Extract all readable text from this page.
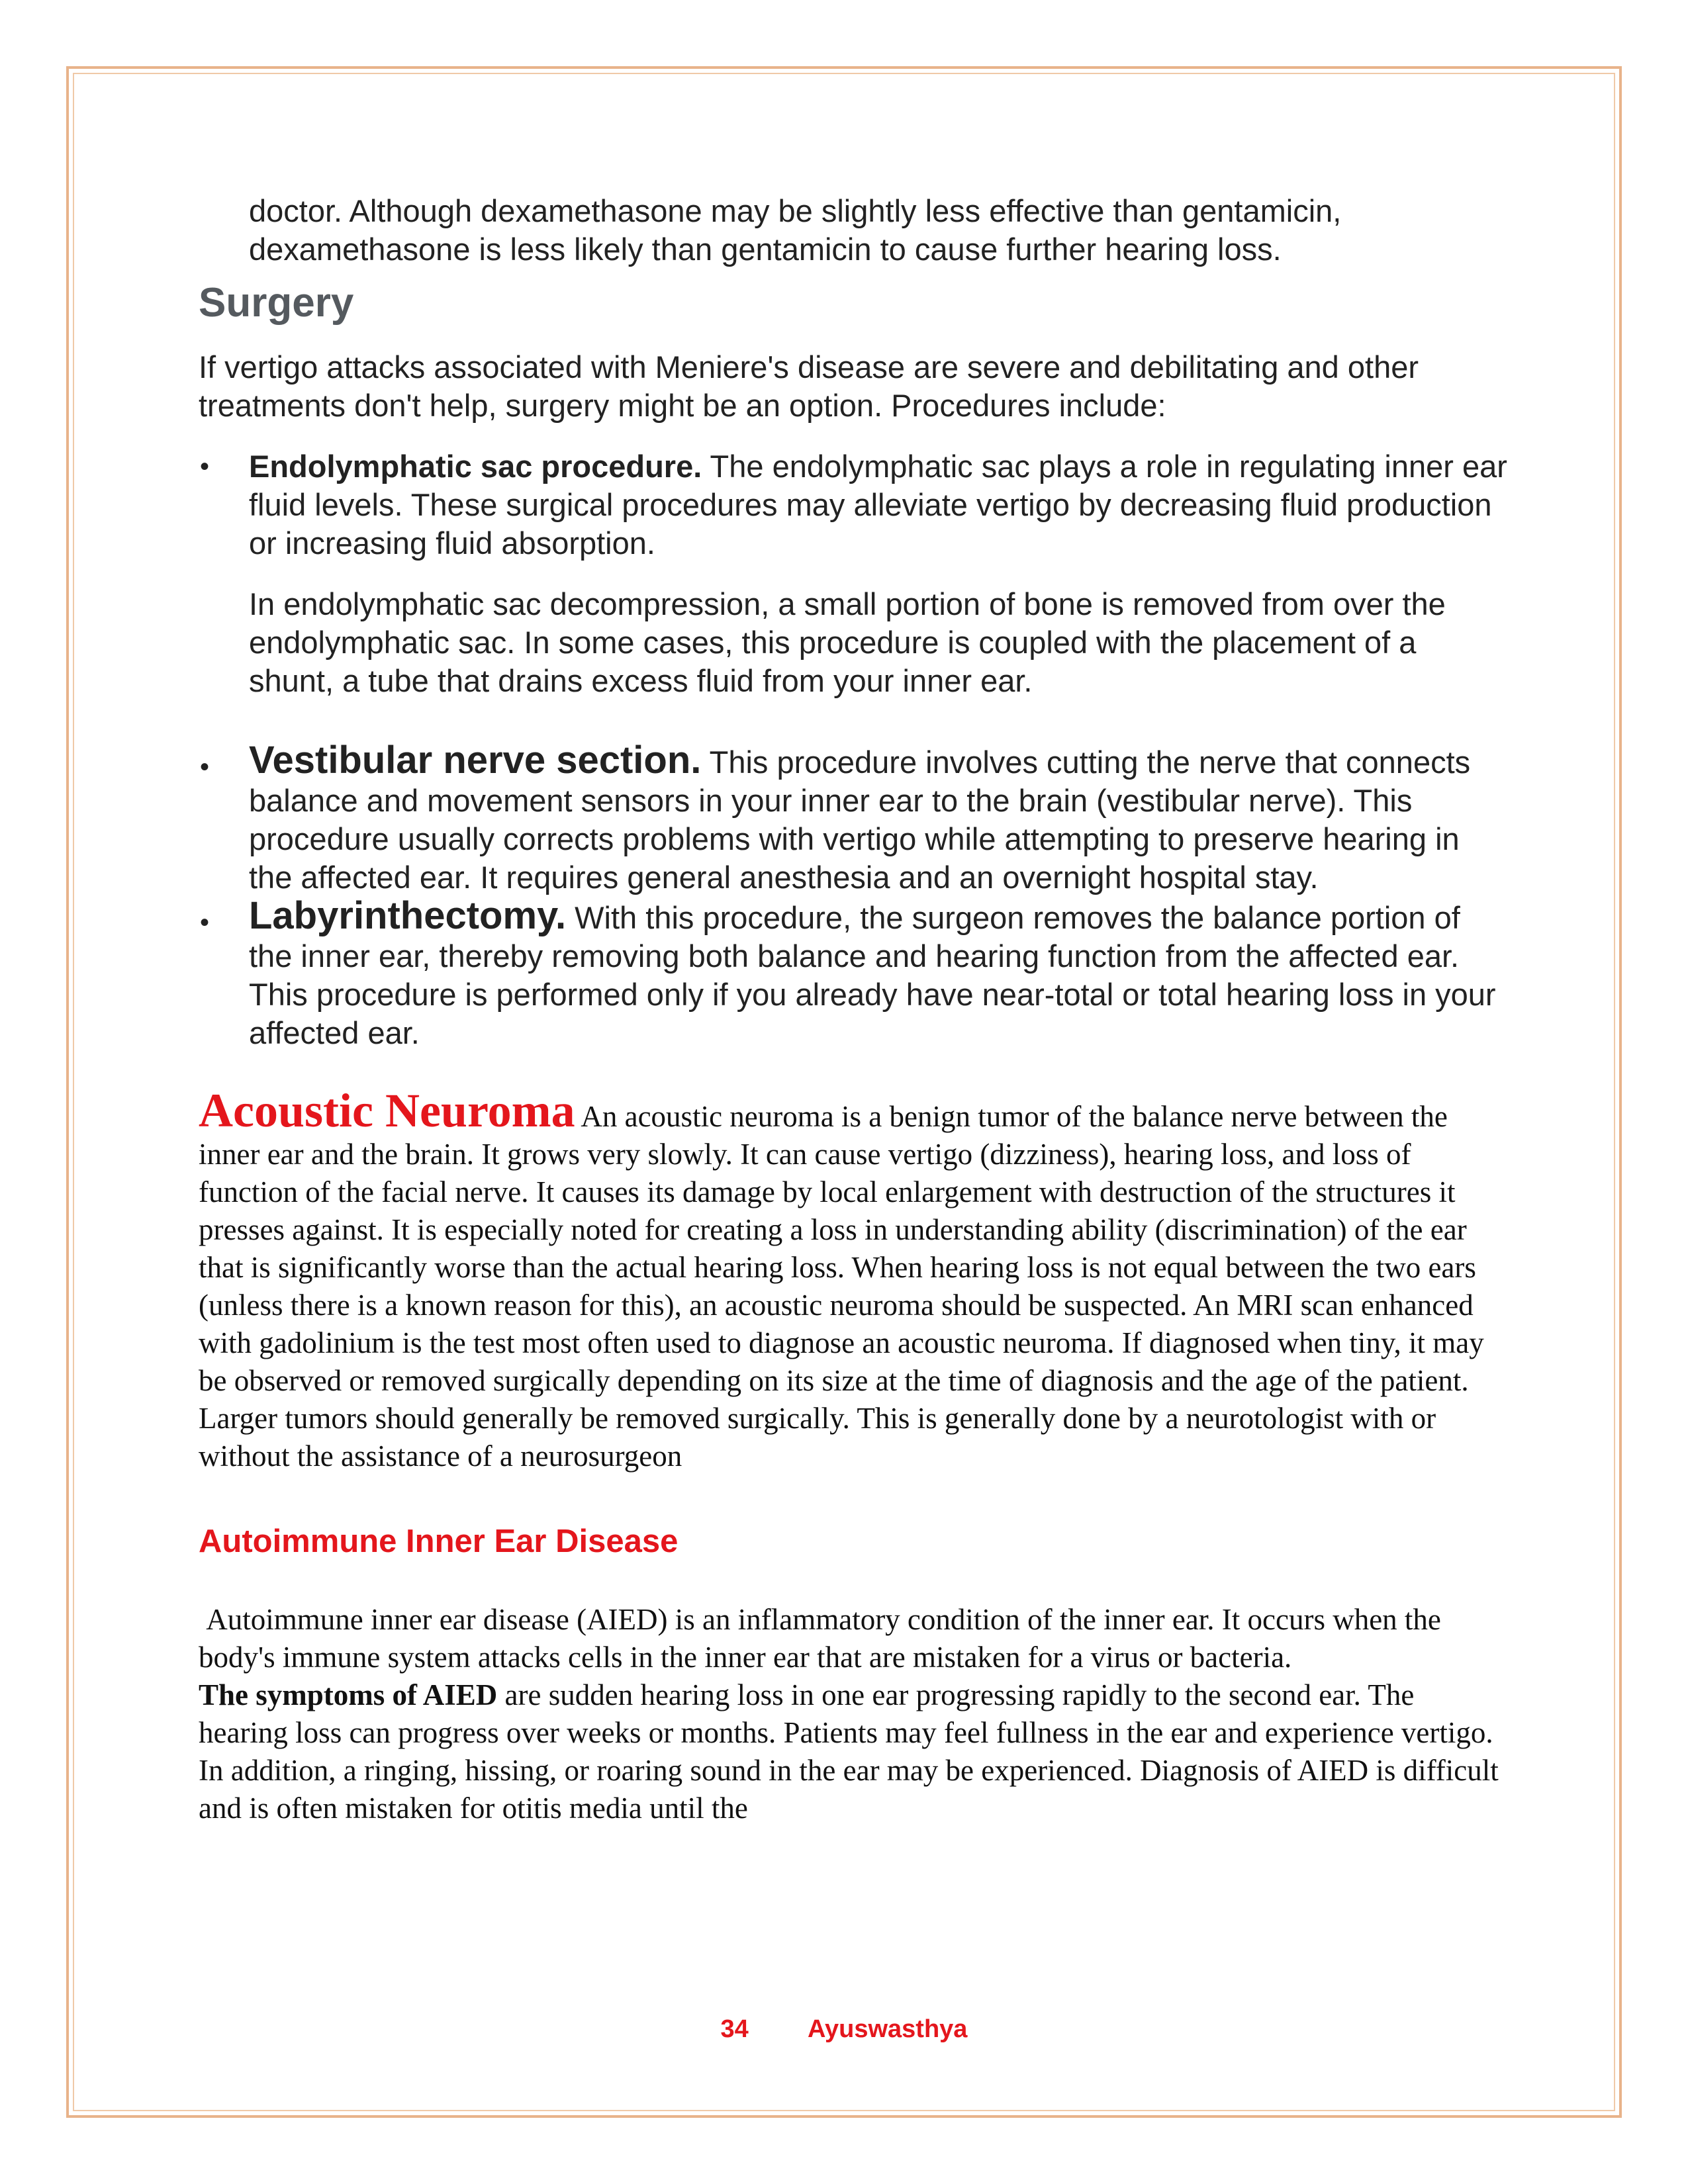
doctor. Although dexamethasone may be slightly less effective than gentamicin, dexamethasone is less likely than gentamicin to cause further hearing loss.

Surgery

If vertigo attacks associated with Meniere's disease are severe and debilitating and other treatments don't help, surgery might be an option. Procedures include:

• Endolymphatic sac procedure. The endolymphatic sac plays a role in regulating inner ear fluid levels. These surgical procedures may alleviate vertigo by decreasing fluid production or increasing fluid absorption.

In endolymphatic sac decompression, a small portion of bone is removed from over the endolymphatic sac. In some cases, this procedure is coupled with the placement of a shunt, a tube that drains excess fluid from your inner ear.

• Vestibular nerve section. This procedure involves cutting the nerve that connects balance and movement sensors in your inner ear to the brain (vestibular nerve). This procedure usually corrects problems with vertigo while attempting to preserve hearing in the affected ear. It requires general anesthesia and an overnight hospital stay.
• Labyrinthectomy. With this procedure, the surgeon removes the balance portion of the inner ear, thereby removing both balance and hearing function from the affected ear. This procedure is performed only if you already have near-total or total hearing loss in your affected ear.

Acoustic Neuroma An acoustic neuroma is a benign tumor of the balance nerve between the inner ear and the brain. It grows very slowly. It can cause vertigo (dizziness), hearing loss, and loss of function of the facial nerve. It causes its damage by local enlargement with destruction of the structures it presses against. It is especially noted for creating a loss in understanding ability (discrimination) of the ear that is significantly worse than the actual hearing loss. When hearing loss is not equal between the two ears (unless there is a known reason for this), an acoustic neuroma should be suspected. An MRI scan enhanced with gadolinium is the test most often used to diagnose an acoustic neuroma. If diagnosed when tiny, it may be observed or removed surgically depending on its size at the time of diagnosis and the age of the patient. Larger tumors should generally be removed surgically. This is generally done by a neurotologist with or without the assistance of a neurosurgeon

Autoimmune Inner Ear Disease

Autoimmune inner ear disease (AIED) is an inflammatory condition of the inner ear. It occurs when the body's immune system attacks cells in the inner ear that are mistaken for a virus or bacteria.

The symptoms of AIED are sudden hearing loss in one ear progressing rapidly to the second ear. The hearing loss can progress over weeks or months. Patients may feel fullness in the ear and experience vertigo. In addition, a ringing, hissing, or roaring sound in the ear may be experienced. Diagnosis of AIED is difficult and is often mistaken for otitis media until the

34 Ayuswasthya
